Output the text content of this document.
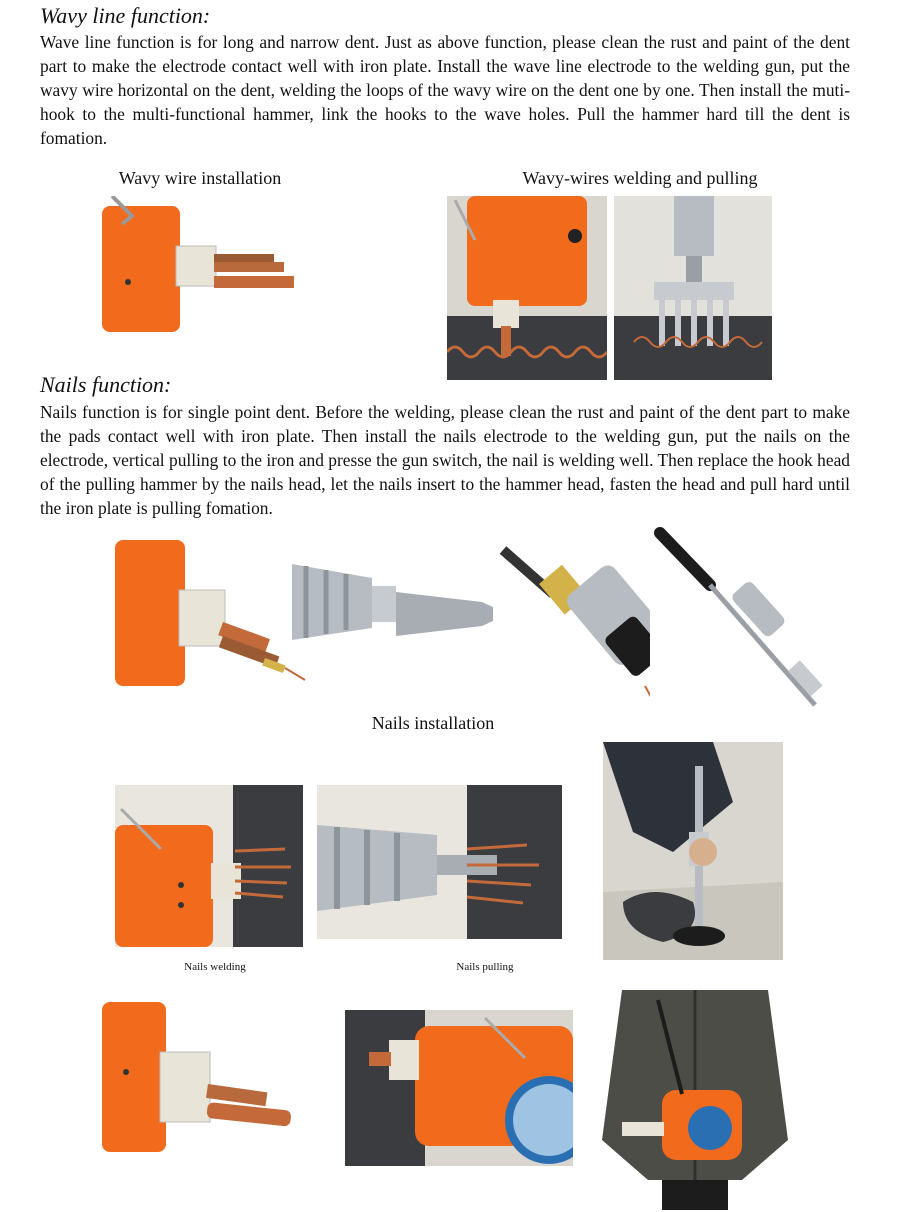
Wavy line function:
Wave line function is for long and narrow dent. Just as above function, please clean the rust and paint of the dent part to make the electrode contact well with iron plate. Install the wave line electrode to the welding gun, put the wavy wire horizontal on the dent, welding the loops of the wavy wire on the dent one by one. Then install the muti-hook to the multi-functional hammer, link the hooks to the wave holes. Pull the hammer hard till the dent is fomation.
Wavy wire installation	Wavy-wires welding and pulling
Nails function:
Nails function is for single point dent. Before the welding, please clean the rust and paint of the dent part to make the pads contact well with iron plate. Then install the nails electrode to the welding gun, put the nails on the electrode, vertical pulling to the iron and presse the gun switch, the nail is welding well. Then replace the hook head of the pulling hammer by the nails head, let the nails insert to the hammer head, fasten the head and pull hard until the iron plate is pulling fomation.
Nails installation
Nails welding	Nails pulling
